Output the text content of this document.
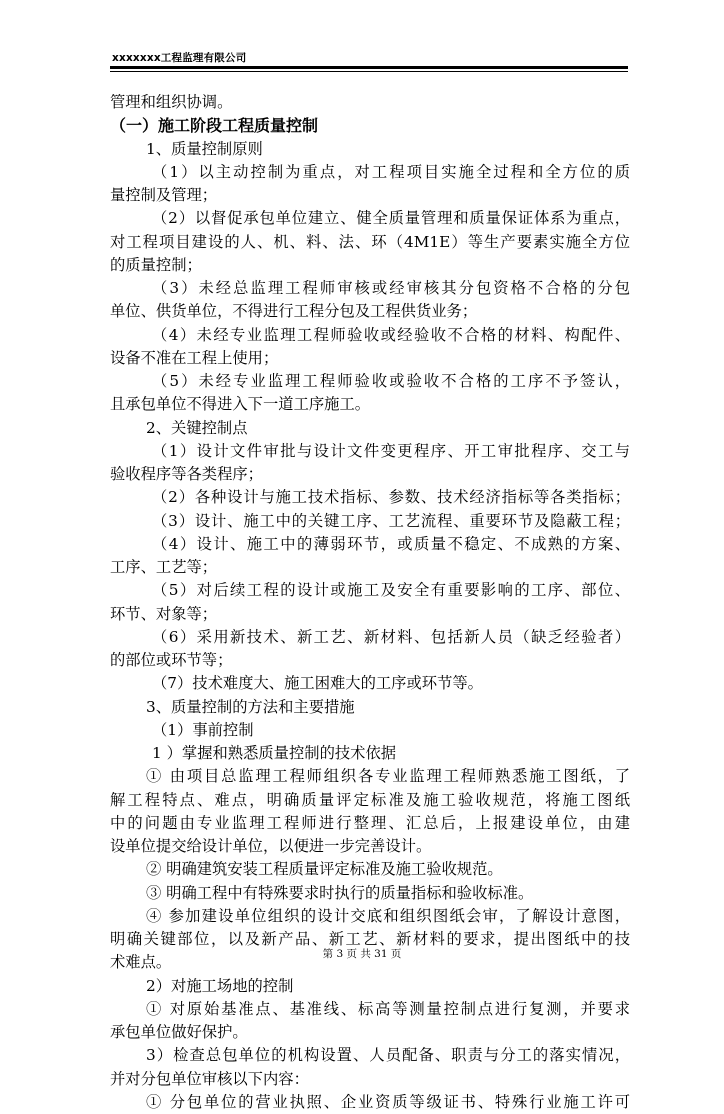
xxxxxxx工程监理有限公司
管理和组织协调。
（一）施工阶段工程质量控制
1、质量控制原则
（1）以主动控制为重点，对工程项目实施全过程和全方位的质
量控制及管理；
（2）以督促承包单位建立、健全质量管理和质量保证体系为重点，
对工程项目建设的人、机、料、法、环（4M1E）等生产要素实施全方位
的质量控制；
（3）未经总监理工程师审核或经审核其分包资格不合格的分包
单位、供货单位，不得进行工程分包及工程供货业务；
（4）未经专业监理工程师验收或经验收不合格的材料、构配件、
设备不准在工程上使用；
（5）未经专业监理工程师验收或验收不合格的工序不予签认，
且承包单位不得进入下一道工序施工。
2、关键控制点
（1）设计文件审批与设计文件变更程序、开工审批程序、交工与
验收程序等各类程序；
（2）各种设计与施工技术指标、参数、技术经济指标等各类指标；
（3）设计、施工中的关键工序、工艺流程、重要环节及隐蔽工程；
（4）设计、施工中的薄弱环节，或质量不稳定、不成熟的方案、
工序、工艺等；
（5）对后续工程的设计或施工及安全有重要影响的工序、部位、
环节、对象等；
（6）采用新技术、新工艺、新材料、包括新人员（缺乏经验者）
的部位或环节等；
（7）技术难度大、施工困难大的工序或环节等。
3、质量控制的方法和主要措施
（1）事前控制
1 ）掌握和熟悉质量控制的技术依据
① 由项目总监理工程师组织各专业监理工程师熟悉施工图纸，了
解工程特点、难点，明确质量评定标准及施工验收规范，将施工图纸
中的问题由专业监理工程师进行整理、汇总后，上报建设单位，由建
设单位提交给设计单位，以便进一步完善设计。
② 明确建筑安装工程质量评定标准及施工验收规范。
③ 明确工程中有特殊要求时执行的质量指标和验收标准。
④ 参加建设单位组织的设计交底和组织图纸会审，了解设计意图，
明确关键部位，以及新产品、新工艺、新材料的要求，提出图纸中的技
术难点。
2）对施工场地的控制
① 对原始基准点、基准线、标高等测量控制点进行复测，并要求
承包单位做好保护。
3）检查总包单位的机构设置、人员配备、职责与分工的落实情况，
并对分包单位审核以下内容：
① 分包单位的营业执照、企业资质等级证书、特殊行业施工许可
第 3 页 共 31 页
